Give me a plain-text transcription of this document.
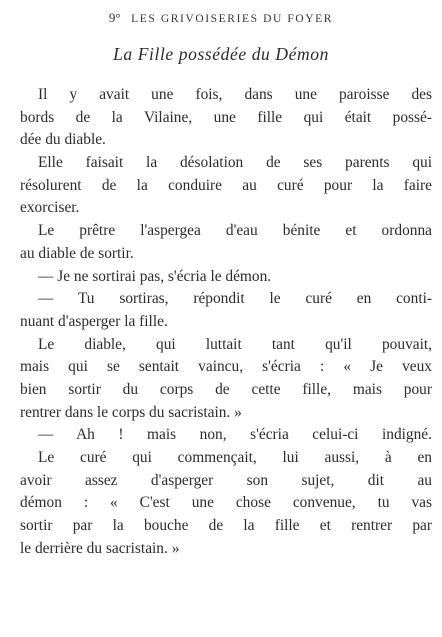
9° LES GRIVOISERIES DU FOYER
La Fille possédée du Démon
Il y avait une fois, dans une paroisse des
bords de la Vilaine, une fille qui était possé-
dée du diable.
Elle faisait la désolation de ses parents qui
résolurent de la conduire au curé pour la faire
exorciser.
Le prêtre l'aspergea d'eau bénite et ordonna
au diable de sortir.
— Je ne sortirai pas, s'écria le démon.
— Tu sortiras, répondit le curé en conti-
nuant d'asperger la fille.
Le diable, qui luttait tant qu'il pouvait,
mais qui se sentait vaincu, s'écria : « Je veux
bien sortir du corps de cette fille, mais pour
rentrer dans le corps du sacristain. »
— Ah ! mais non, s'écria celui-ci indigné.
Le curé qui commençait, lui aussi, à en
avoir assez d'asperger son sujet, dit au
démon : « C'est une chose convenue, tu vas
sortir par la bouche de la fille et rentrer par
le derrière du sacristain. »
